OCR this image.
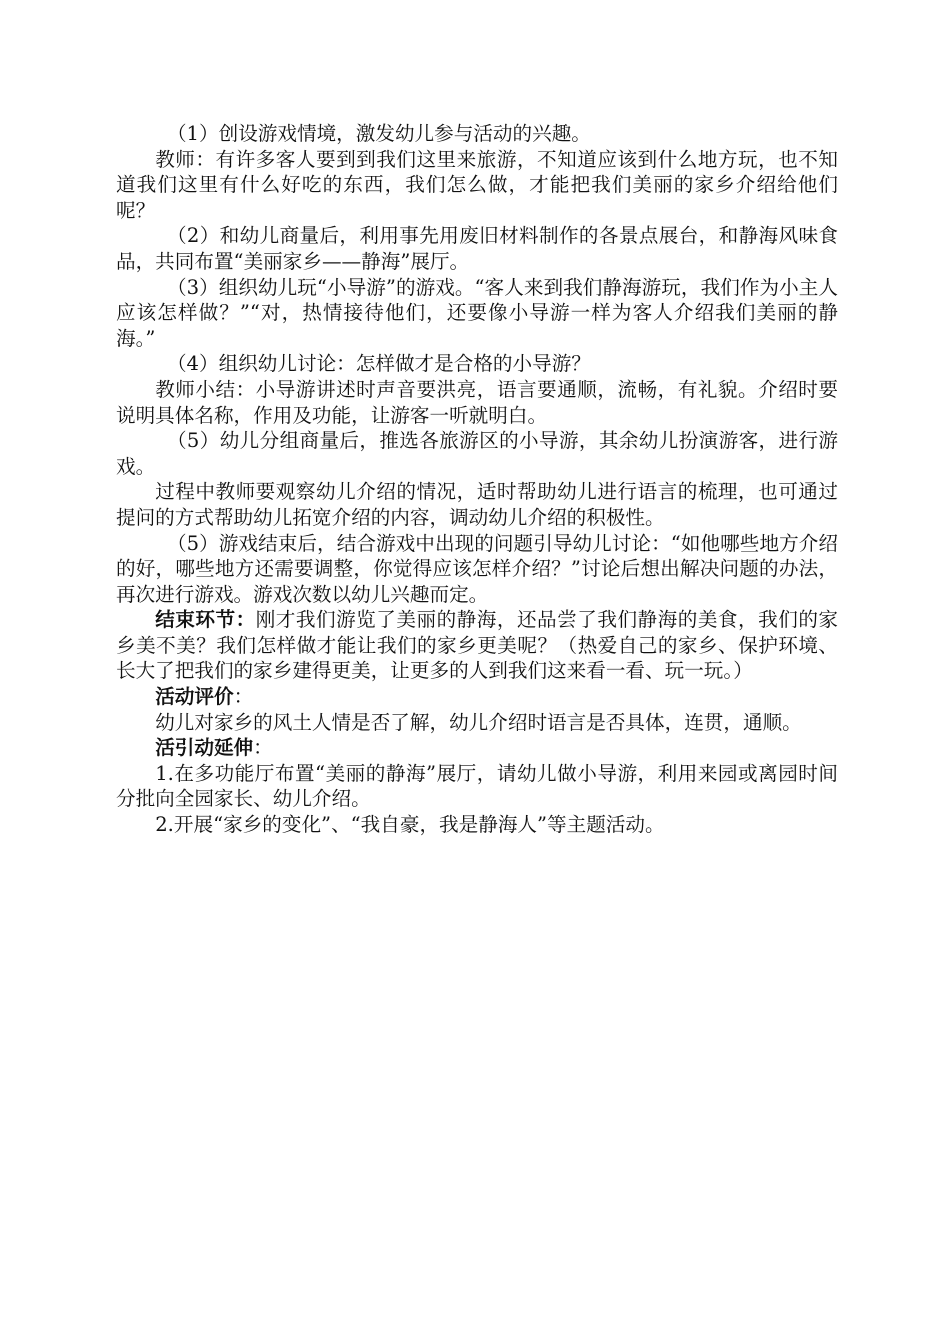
（1）创设游戏情境，激发幼儿参与活动的兴趣。

教师：有许多客人要到到我们这里来旅游，不知道应该到什么地方玩，也不知道我们这里有什么好吃的东西，我们怎么做，才能把我们美丽的家乡介绍给他们呢？

（2）和幼儿商量后，利用事先用废旧材料制作的各景点展台，和静海风味食品，共同布置“美丽家乡——静海”展厅。

（3）组织幼儿玩“小导游”的游戏。“客人来到我们静海游玩，我们作为小主人应该怎样做？”“对，热情接待他们，还要像小导游一样为客人介绍我们美丽的静海。”

（4）组织幼儿讨论：怎样做才是合格的小导游？

教师小结：小导游讲述时声音要洪亮，语言要通顺，流畅，有礼貌。介绍时要说明具体名称，作用及功能，让游客一听就明白。

（5）幼儿分组商量后，推选各旅游区的小导游，其余幼儿扮演游客，进行游戏。

过程中教师要观察幼儿介绍的情况，适时帮助幼儿进行语言的梳理，也可通过提问的方式帮助幼儿拓宽介绍的内容，调动幼儿介绍的积极性。

（5）游戏结束后，结合游戏中出现的问题引导幼儿讨论：“如他哪些地方介绍的好，哪些地方还需要调整，你觉得应该怎样介绍？”讨论后想出解决问题的办法，再次进行游戏。游戏次数以幼儿兴趣而定。

结束环节：刚才我们游览了美丽的静海，还品尝了我们静海的美食，我们的家乡美不美？我们怎样做才能让我们的家乡更美呢？（热爱自己的家乡、保护环境、长大了把我们的家乡建得更美，让更多的人到我们这来看一看、玩一玩。）

活动评价：

幼儿对家乡的风土人情是否了解，幼儿介绍时语言是否具体，连贯，通顺。

活引动延伸：

1.在多功能厅布置“美丽的静海”展厅，请幼儿做小导游，利用来园或离园时间分批向全园家长、幼儿介绍。

2.开展“家乡的变化”、“我自豪，我是静海人”等主题活动。
